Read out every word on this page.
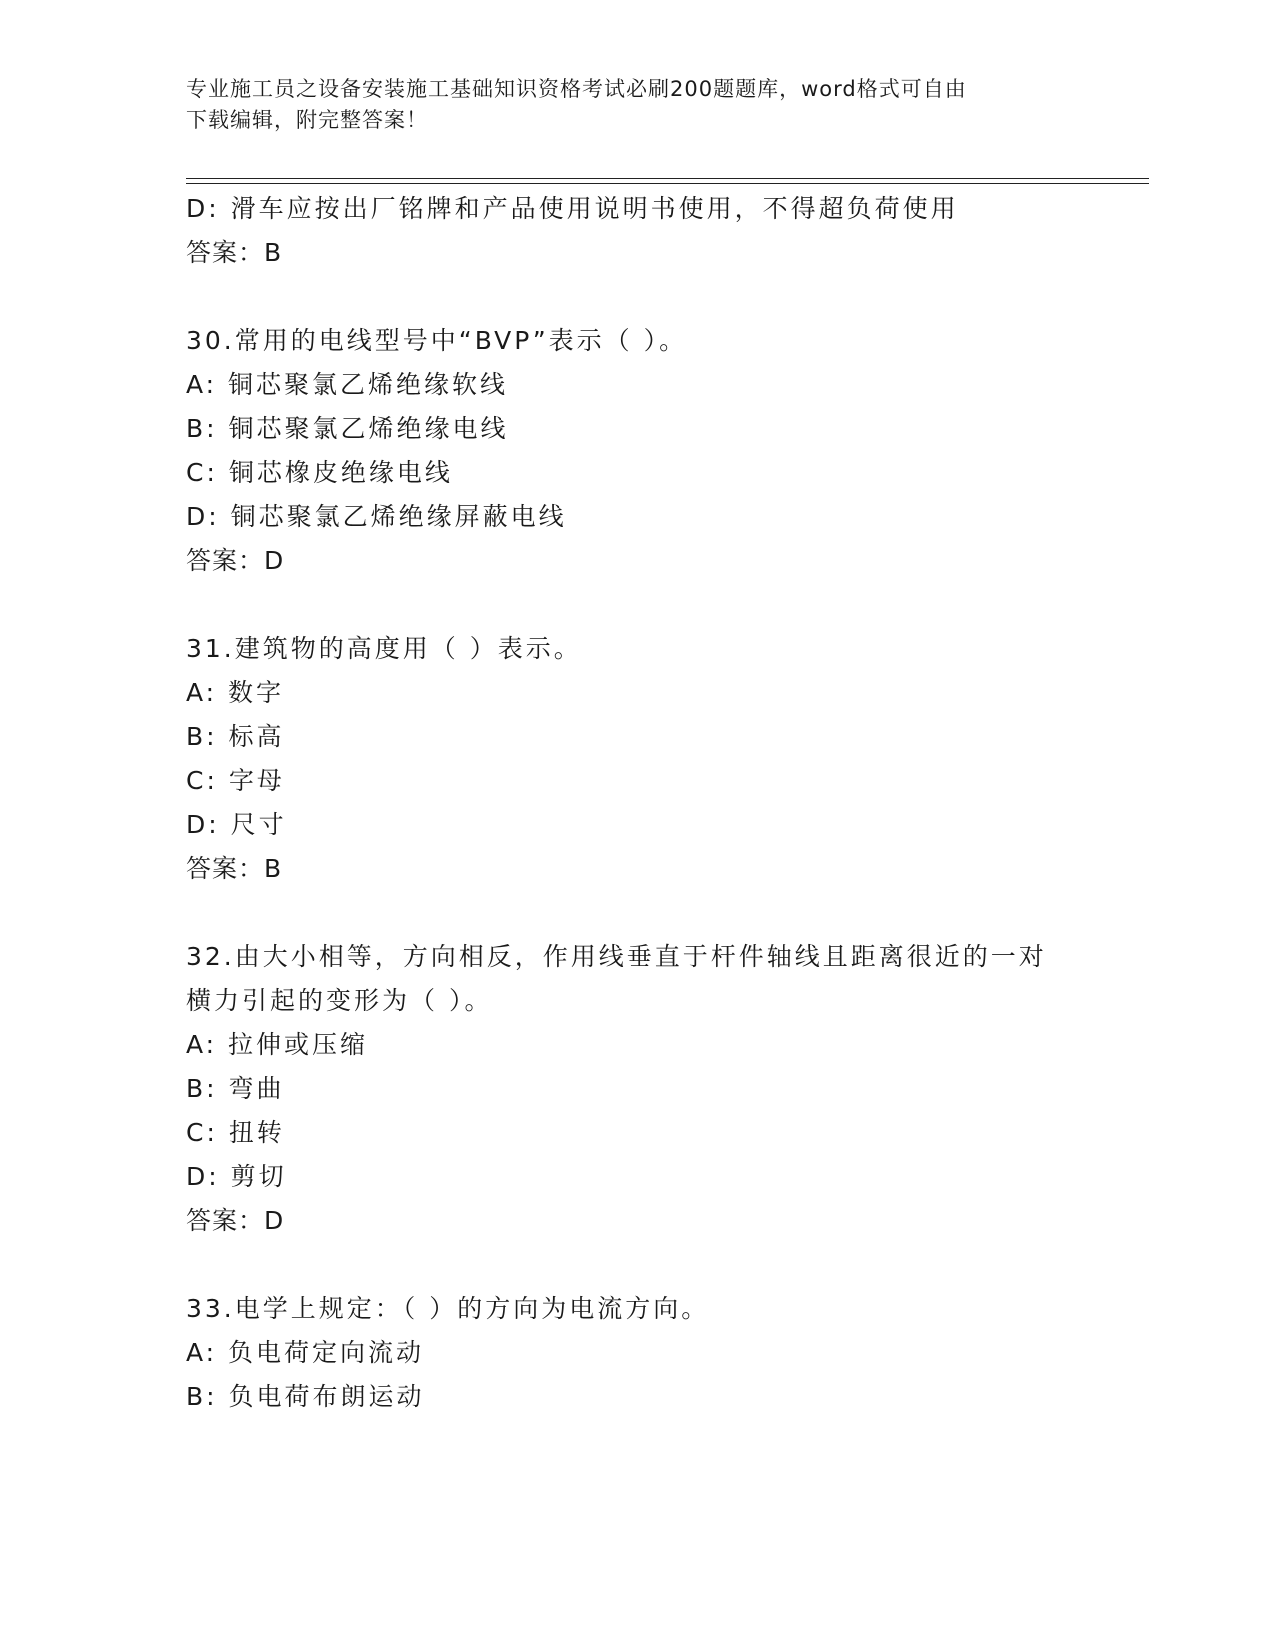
专业施工员之设备安装施工基础知识资格考试必刷200题题库，word格式可自由
下载编辑，附完整答案！
D: 滑车应按出厂铭牌和产品使用说明书使用，不得超负荷使用
答案：B
30.常用的电线型号中“BVP”表示（ ）。
A: 铜芯聚氯乙烯绝缘软线
B: 铜芯聚氯乙烯绝缘电线
C: 铜芯橡皮绝缘电线
D: 铜芯聚氯乙烯绝缘屏蔽电线
答案：D
31.建筑物的高度用（ ）表示。
A: 数字
B: 标高
C: 字母
D: 尺寸
答案：B
32.由大小相等，方向相反，作用线垂直于杆件轴线且距离很近的一对
横力引起的变形为（ ）。
A: 拉伸或压缩
B: 弯曲
C: 扭转
D: 剪切
答案：D
33.电学上规定：（ ）的方向为电流方向。
A: 负电荷定向流动
B: 负电荷布朗运动
